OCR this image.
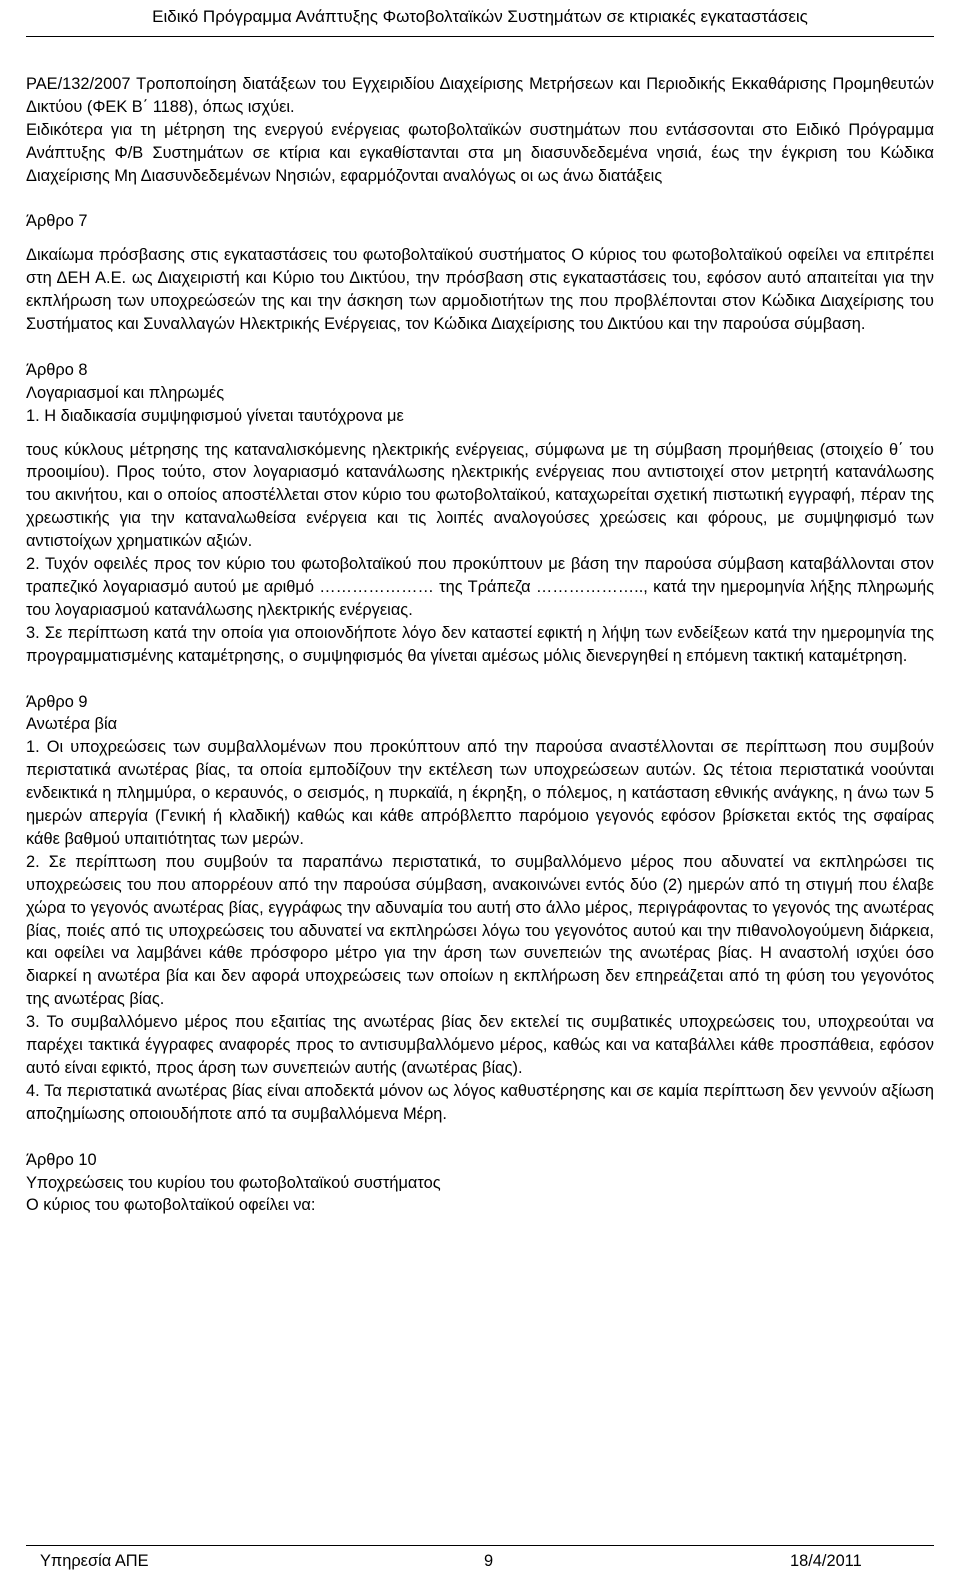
Ειδικό Πρόγραμμα Ανάπτυξης Φωτοβολταϊκών Συστημάτων σε κτιριακές εγκαταστάσεις

ΡΑΕ/132/2007 Τροποποίηση διατάξεων του Εγχειριδίου Διαχείρισης Μετρήσεων και Περιοδικής Εκκαθάρισης Προμηθευτών Δικτύου (ΦΕΚ Β΄ 1188), όπως ισχύει.

Ειδικότερα για τη μέτρηση της ενεργού ενέργειας φωτοβολταϊκών συστημάτων που εντάσσονται στο Ειδικό Πρόγραμμα Ανάπτυξης Φ/Β Συστημάτων σε κτίρια και εγκαθίστανται στα μη διασυνδεδεμένα νησιά, έως την έγκριση του Κώδικα Διαχείρισης Μη Διασυνδεδεμένων Νησιών, εφαρμόζονται αναλόγως οι ως άνω διατάξεις

Άρθρο 7

Δικαίωμα πρόσβασης στις εγκαταστάσεις του φωτοβολταϊκού συστήματος Ο κύριος του φωτοβολταϊκού οφείλει να επιτρέπει στη ΔΕΗ Α.Ε. ως Διαχειριστή και Κύριο του Δικτύου, την πρόσβαση στις εγκαταστάσεις του, εφόσον αυτό απαιτείται για την εκπλήρωση των υποχρεώσεών της και την άσκηση των αρμοδιοτήτων της που προβλέπονται στον Κώδικα Διαχείρισης του Συστήματος και Συναλλαγών Ηλεκτρικής Ενέργειας, τον Κώδικα Διαχείρισης του Δικτύου και την παρούσα σύμβαση.

Άρθρο 8

Λογαριασμοί και πληρωμές

1. Η διαδικασία συμψηφισμού γίνεται ταυτόχρονα με

τους κύκλους μέτρησης της καταναλισκόμενης ηλεκτρικής ενέργειας, σύμφωνα με τη σύμβαση προμήθειας (στοιχείο θ΄ του προοιμίου). Προς τούτο, στον λογαριασμό κατανάλωσης ηλεκτρικής ενέργειας που αντιστοιχεί στον μετρητή κατανάλωσης του ακινήτου, και ο οποίος αποστέλλεται στον κύριο του φωτοβολταϊκού, καταχωρείται σχετική πιστωτική εγγραφή, πέραν της χρεωστικής για την καταναλωθείσα ενέργεια και τις λοιπές αναλογούσες χρεώσεις και φόρους, με συμψηφισμό των αντιστοίχων χρηματικών αξιών.

2. Τυχόν οφειλές προς τον κύριο του φωτοβολταϊκού που προκύπτουν με βάση την παρούσα σύμβαση καταβάλλονται στον τραπεζικό λογαριασμό αυτού με αριθμό ………………… της Τράπεζα ……………….., κατά την ημερομηνία λήξης πληρωμής του λογαριασμού κατανάλωσης ηλεκτρικής ενέργειας.

3. Σε περίπτωση κατά την οποία για οποιονδήποτε λόγο δεν καταστεί εφικτή η λήψη των ενδείξεων κατά την ημερομηνία της προγραμματισμένης καταμέτρησης, ο συμψηφισμός θα γίνεται αμέσως μόλις διενεργηθεί η επόμενη τακτική καταμέτρηση.

Άρθρο 9

Ανωτέρα βία

1. Οι υποχρεώσεις των συμβαλλομένων που προκύπτουν από την παρούσα αναστέλλονται σε περίπτωση που συμβούν περιστατικά ανωτέρας βίας, τα οποία εμποδίζουν την εκτέλεση των υποχρεώσεων αυτών. Ως τέτοια περιστατικά νοούνται ενδεικτικά η πλημμύρα, ο κεραυνός, ο σεισμός, η πυρκαϊά, η έκρηξη, ο πόλεμος, η κατάσταση εθνικής ανάγκης, η άνω των 5 ημερών απεργία (Γενική ή κλαδική) καθώς και κάθε απρόβλεπτο παρόμοιο γεγονός εφόσον βρίσκεται εκτός της σφαίρας κάθε βαθμού υπαιτιότητας των μερών.

2. Σε περίπτωση που συμβούν τα παραπάνω περιστατικά, το συμβαλλόμενο μέρος που αδυνατεί να εκπληρώσει τις υποχρεώσεις του που απορρέουν από την παρούσα σύμβαση, ανακοινώνει εντός δύο (2) ημερών από τη στιγμή που έλαβε χώρα το γεγονός ανωτέρας βίας, εγγράφως την αδυναμία του αυτή στο άλλο μέρος, περιγράφοντας το γεγονός της ανωτέρας βίας, ποιές από τις υποχρεώσεις του αδυνατεί να εκπληρώσει λόγω του γεγονότος αυτού και την πιθανολογούμενη διάρκεια, και οφείλει να λαμβάνει κάθε πρόσφορο μέτρο για την άρση των συνεπειών της ανωτέρας βίας. Η αναστολή ισχύει όσο διαρκεί η ανωτέρα βία και δεν αφορά υποχρεώσεις των οποίων η εκπλήρωση δεν επηρεάζεται από τη φύση του γεγονότος της ανωτέρας βίας.

3. Το συμβαλλόμενο μέρος που εξαιτίας της ανωτέρας βίας δεν εκτελεί τις συμβατικές υποχρεώσεις του, υποχρεούται να παρέχει τακτικά έγγραφες αναφορές προς το αντισυμβαλλόμενο μέρος, καθώς και να καταβάλλει κάθε προσπάθεια, εφόσον αυτό είναι εφικτό, προς άρση των συνεπειών αυτής (ανωτέρας βίας).

4. Τα περιστατικά ανωτέρας βίας είναι αποδεκτά μόνον ως λόγος καθυστέρησης και σε καμία περίπτωση δεν γεννούν αξίωση αποζημίωσης οποιουδήποτε από τα συμβαλλόμενα Μέρη.

Άρθρο 10

Υποχρεώσεις του κυρίου του φωτοβολταϊκού συστήματος

Ο κύριος του φωτοβολταϊκού οφείλει να:

Υπηρεσία ΑΠΕ	9	18/4/2011
